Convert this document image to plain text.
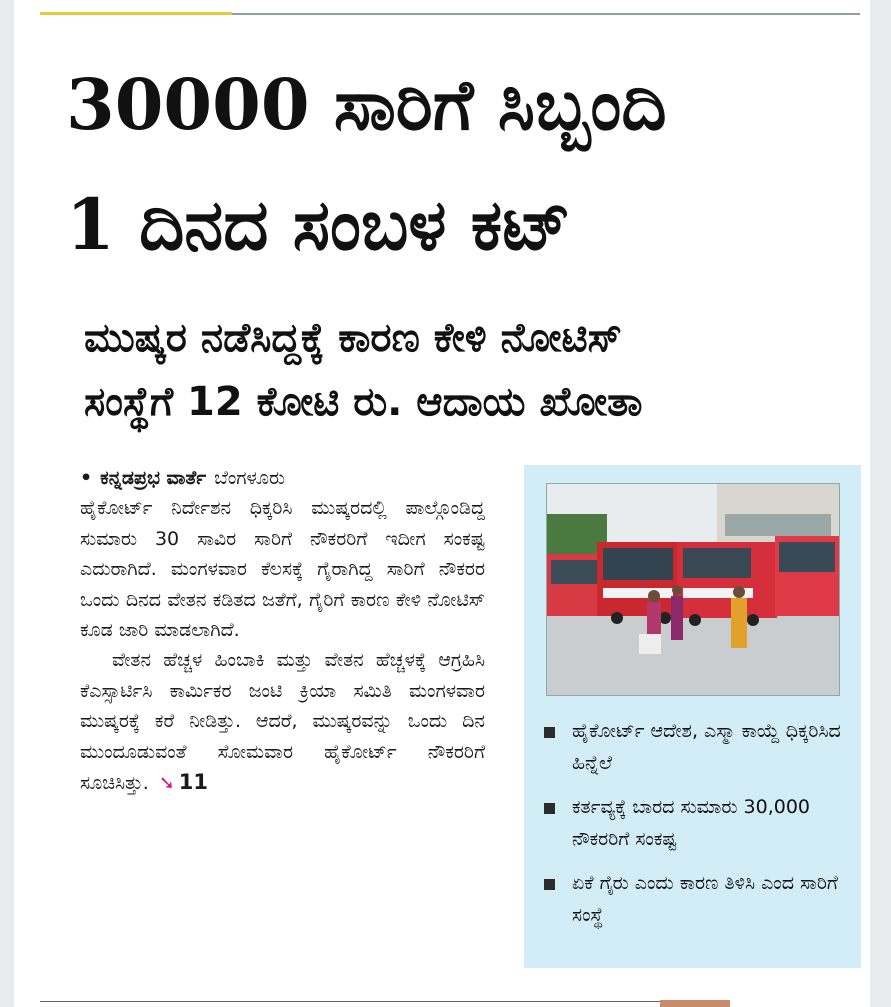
30000 ಸಾರಿಗೆ ಸಿಬ್ಬಂದಿ
1 ದಿನದ ಸಂಬಳ ಕಟ್
ಮುಷ್ಕರ ನಡೆಸಿದ್ದಕ್ಕೆ ಕಾರಣ ಕೇಳಿ ನೋಟಿಸ್
ಸಂಸ್ಥೆಗೆ 12 ಕೋಟಿ ರು. ಆದಾಯ ಖೋತಾ

• ಕನ್ನಡಪ್ರಭ ವಾರ್ತೆ ಬೆಂಗಳೂರು

ಹೈಕೋರ್ಟ್‌ ನಿರ್ದೇಶನ ಧಿಕ್ಕರಿಸಿ ಮುಷ್ಕರದಲ್ಲಿ ಪಾಲ್ಗೊಂಡಿದ್ದ ಸುಮಾರು 30 ಸಾವಿರ ಸಾರಿಗೆ ನೌಕರರಿಗೆ ಇದೀಗ ಸಂಕಷ್ಟ ಎದುರಾಗಿದೆ. ಮಂಗಳವಾರ ಕೆಲಸಕ್ಕೆ ಗೈರಾಗಿದ್ದ ಸಾರಿಗೆ ನೌಕರರ ಒಂದು ದಿನದ ವೇತನ ಕಡಿತದ ಜತೆಗೆ, ಗೈರಿಗೆ ಕಾರಣ ಕೇಳಿ ನೋಟಿಸ್‌ ಕೂಡ ಜಾರಿ ಮಾಡಲಾಗಿದೆ.

ವೇತನ ಹೆಚ್ಚಳ ಹಿಂಬಾಕಿ ಮತ್ತು ವೇತನ ಹೆಚ್ಚಳಕ್ಕೆ ಆಗ್ರಹಿಸಿ ಕೆಎಸ್ಸಾರ್ಟಿಸಿ ಕಾರ್ಮಿಕರ ಜಂಟಿ ಕ್ರಿಯಾ ಸಮಿತಿ ಮಂಗಳವಾರ ಮುಷ್ಕರಕ್ಕೆ ಕರೆ ನೀಡಿತ್ತು. ಆದರೆ, ಮುಷ್ಕರವನ್ನು ಒಂದು ದಿನ ಮುಂದೂಡುವಂತೆ ಸೋಮವಾರ ಹೈಕೋರ್ಟ್‌ ನೌಕರರಿಗೆ ಸೂಚಿಸಿತ್ತು. ➘ 11

ಹೈಕೋರ್ಟ್‌ ಆದೇಶ, ಎಸ್ಮಾ ಕಾಯ್ದೆ ಧಿಕ್ಕರಿಸಿದ ಹಿನ್ನೆಲೆ
ಕರ್ತವ್ಯಕ್ಕೆ ಬಾರದ ಸುಮಾರು 30,000 ನೌಕರರಿಗೆ ಸಂಕಷ್ಟ
ಏಕೆ ಗೈರು ಎಂದು ಕಾರಣ ತಿಳಿಸಿ ಎಂದ ಸಾರಿಗೆ ಸಂಸ್ಥೆ
